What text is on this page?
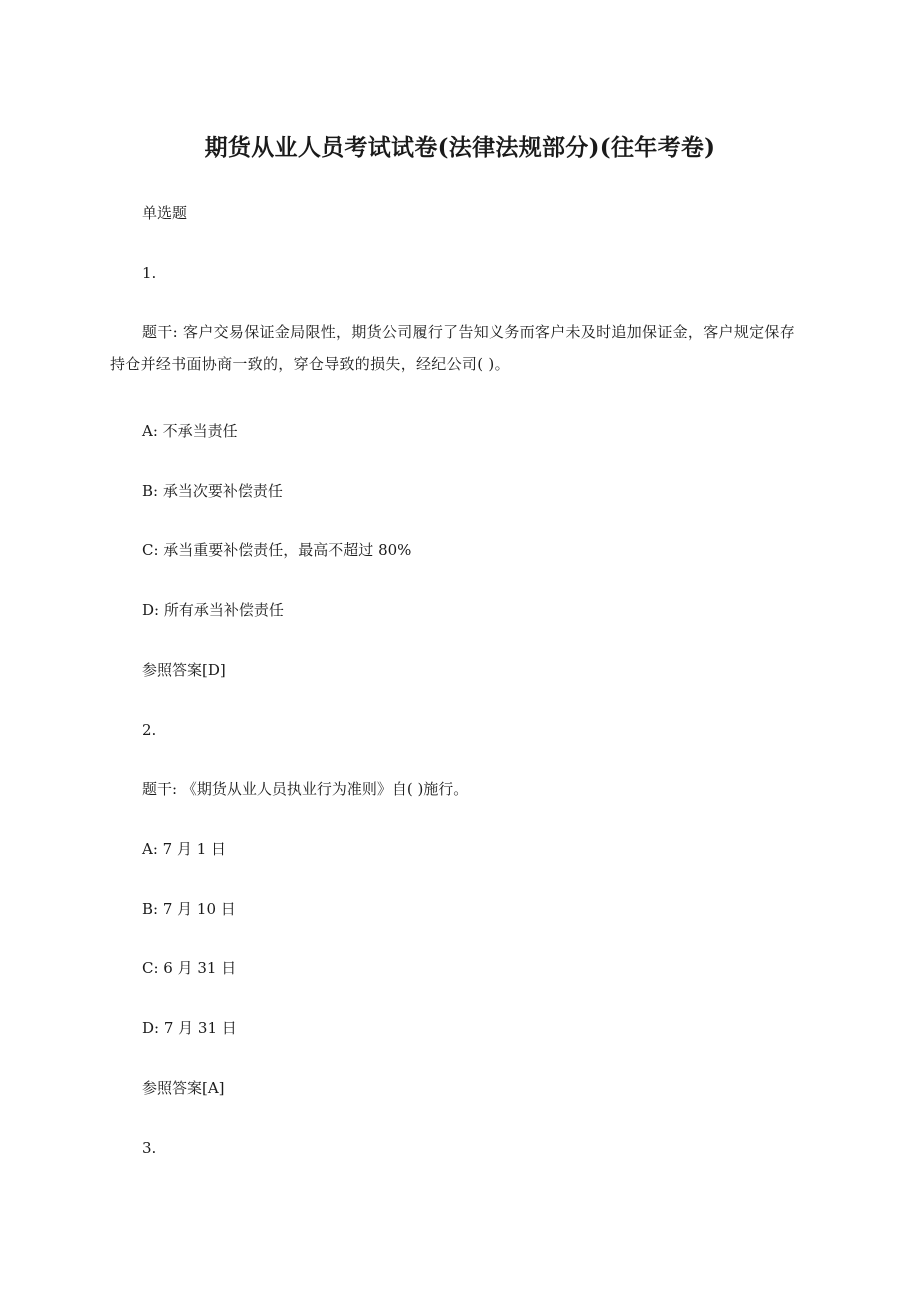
期货从业人员考试试卷(法律法规部分)(往年考卷)
单选题
1.
题干: 客户交易保证金局限性，期货公司履行了告知义务而客户未及时追加保证金，客户规定保存持仓并经书面协商一致的，穿仓导致的损失，经纪公司( )。
A: 不承当责任
B: 承当次要补偿责任
C: 承当重要补偿责任，最高不超过 80%
D: 所有承当补偿责任
参照答案[D]
2.
题干: 《期货从业人员执业行为准则》自( )施行。
A: 7 月 1 日
B: 7 月 10 日
C: 6 月 31 日
D: 7 月 31 日
参照答案[A]
3.
